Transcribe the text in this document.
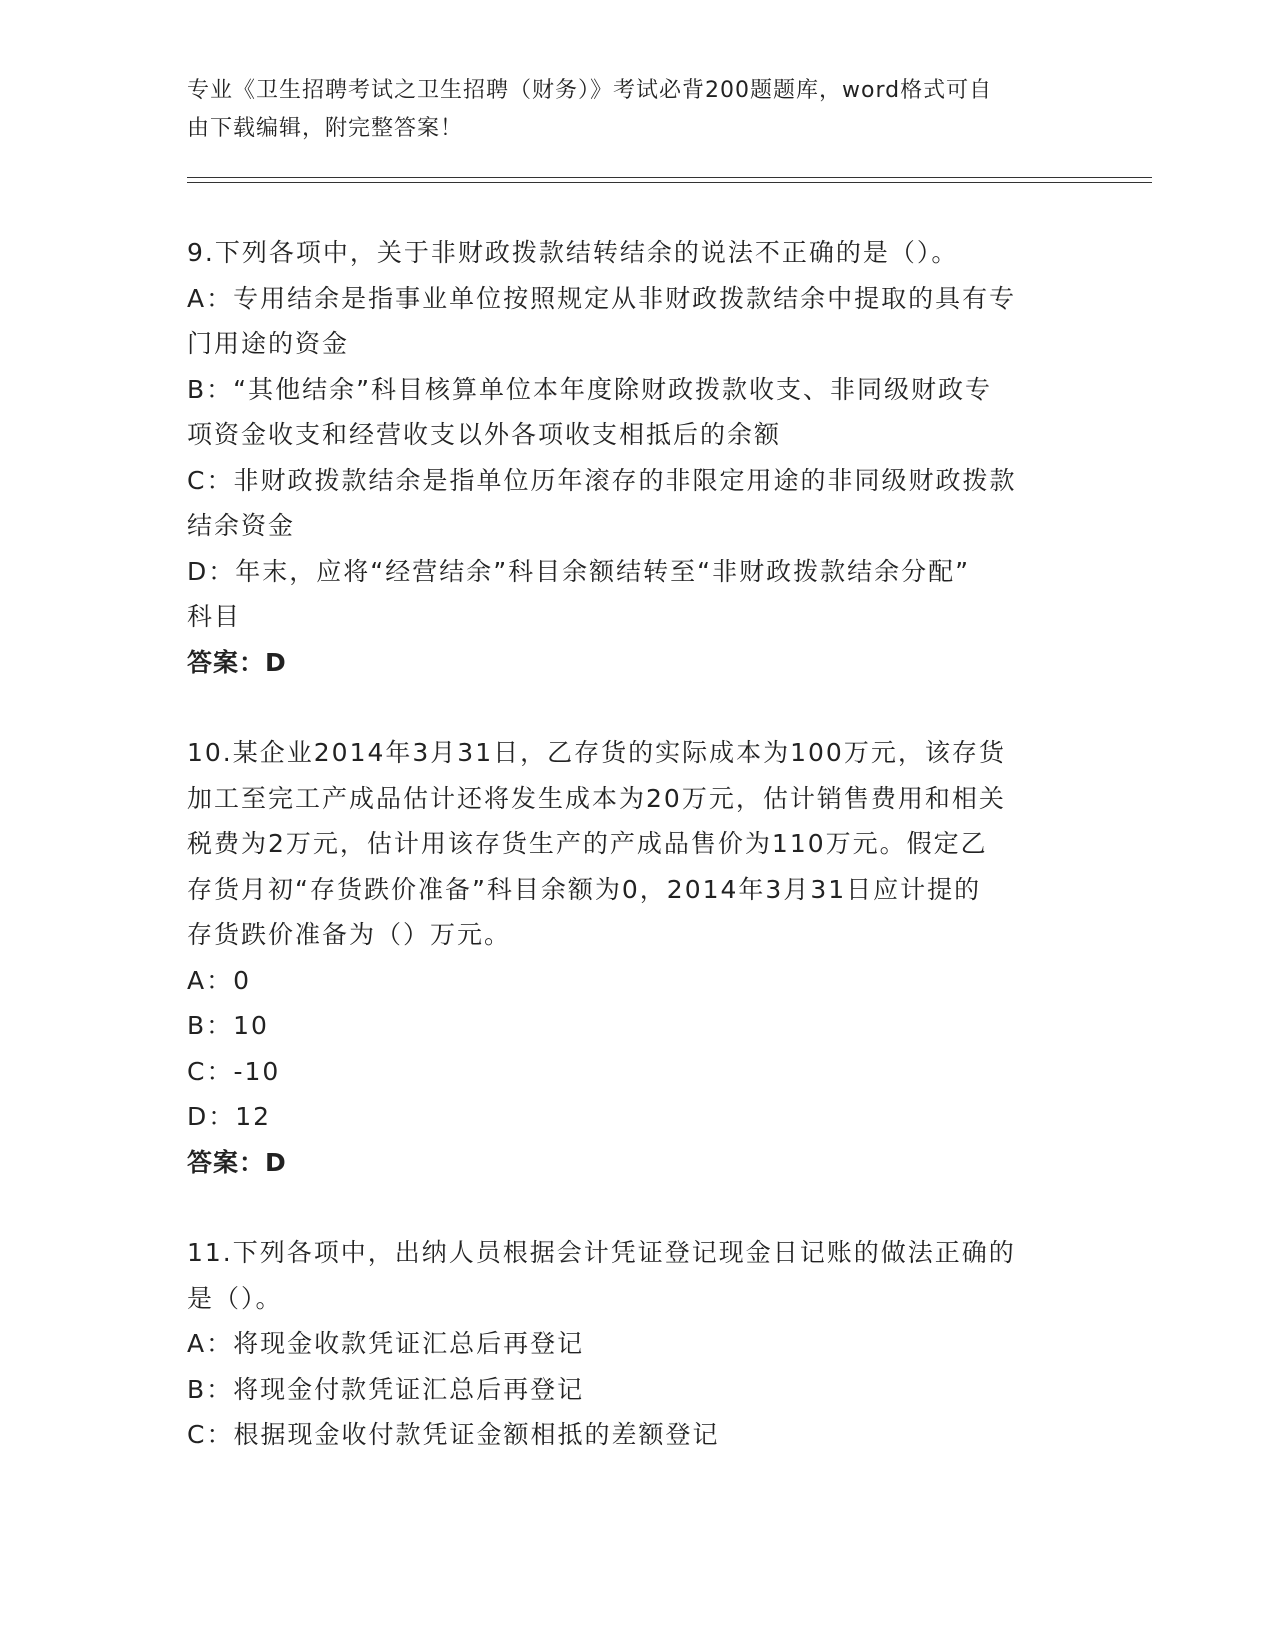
专业《卫生招聘考试之卫生招聘（财务）》考试必背200题题库，word格式可自
由下载编辑，附完整答案！
9.下列各项中，关于非财政拨款结转结余的说法不正确的是（）。
A：专用结余是指事业单位按照规定从非财政拨款结余中提取的具有专
门用途的资金
B：“其他结余”科目核算单位本年度除财政拨款收支、非同级财政专
项资金收支和经营收支以外各项收支相抵后的余额
C：非财政拨款结余是指单位历年滚存的非限定用途的非同级财政拨款
结余资金
D：年末，应将“经营结余”科目余额结转至“非财政拨款结余分配”
科目
答案：D
10.某企业2014年3月31日，乙存货的实际成本为100万元，该存货
加工至完工产成品估计还将发生成本为20万元，估计销售费用和相关
税费为2万元，估计用该存货生产的产成品售价为110万元。假定乙
存货月初“存货跌价准备”科目余额为0，2014年3月31日应计提的
存货跌价准备为（）万元。
A：0
B：10
C：-10
D：12
答案：D
11.下列各项中，出纳人员根据会计凭证登记现金日记账的做法正确的
是（）。
A：将现金收款凭证汇总后再登记
B：将现金付款凭证汇总后再登记
C：根据现金收付款凭证金额相抵的差额登记
